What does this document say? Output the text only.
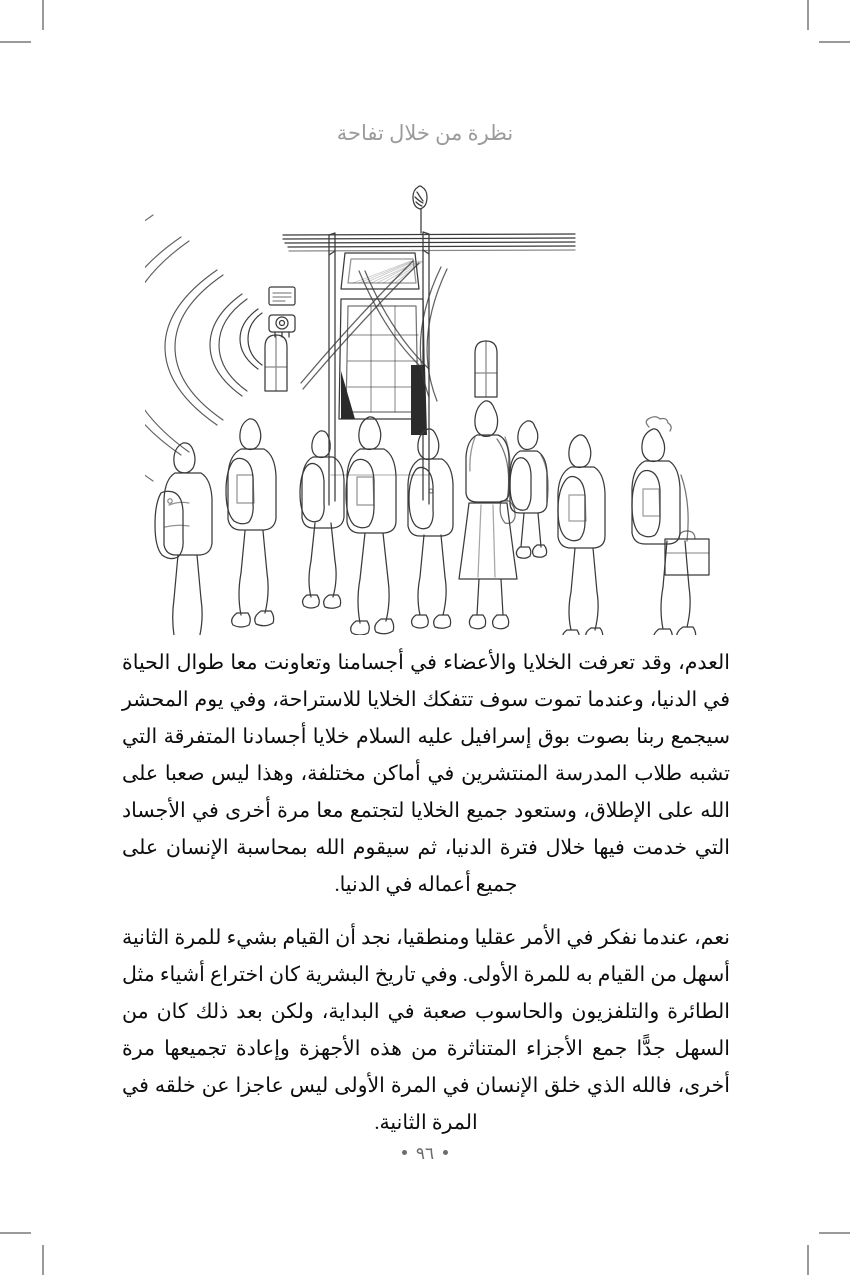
نظرة من خلال تفاحة

العدم، وقد تعرفت الخلايا والأعضاء في أجسامنا وتعاونت معا طوال الحياة في الدنيا، وعندما تموت سوف تتفكك الخلايا للاستراحة، وفي يوم المحشر سيجمع ربنا بصوت بوق إسرافيل عليه السلام خلايا أجسادنا المتفرقة التي تشبه طلاب المدرسة المنتشرين في أماكن مختلفة، وهذا ليس صعبا على الله على الإطلاق، وستعود جميع الخلايا لتجتمع معا مرة أخرى في الأجساد التي خدمت فيها خلال فترة الدنيا، ثم سيقوم الله بمحاسبة الإنسان على جميع أعماله في الدنيا.

نعم، عندما نفكر في الأمر عقليا ومنطقيا، نجد أن القيام بشيء للمرة الثانية أسهل من القيام به للمرة الأولى. وفي تاريخ البشرية كان اختراع أشياء مثل الطائرة والتلفزيون والحاسوب صعبة في البداية، ولكن بعد ذلك كان من السهل جدًّا جمع الأجزاء المتناثرة من هذه الأجهزة وإعادة تجميعها مرة أخرى، فالله الذي خلق الإنسان في المرة الأولى ليس عاجزا عن خلقه في المرة الثانية.

٩٦
